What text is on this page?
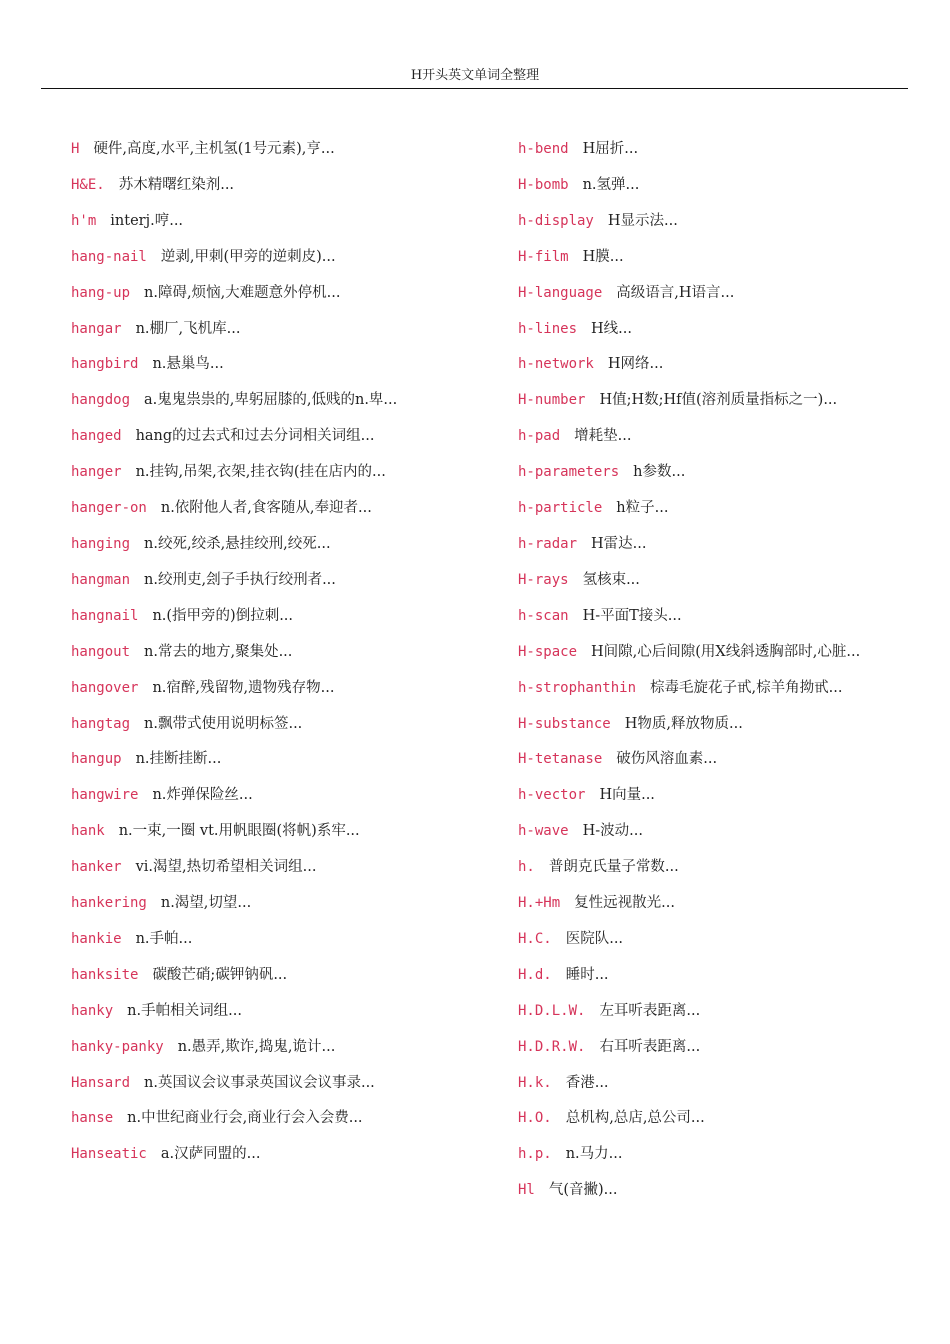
H开头英文单词全整理
H 硬件,高度,水平,主机氢(1号元素),亨...
H&E. 苏木精曙红染剂...
h'm interj.哼...
hang-nail 逆剥,甲刺(甲旁的逆刺皮)...
hang-up n.障碍,烦恼,大难题意外停机...
hangar n.棚厂,飞机库...
hangbird n.悬巢鸟...
hangdog a.鬼鬼祟祟的,卑躬屈膝的,低贱的n.卑...
hanged hang的过去式和过去分词相关词组...
hanger n.挂钩,吊架,衣架,挂衣钩(挂在店内的...
hanger-on n.依附他人者,食客随从,奉迎者...
hanging n.绞死,绞杀,悬挂绞刑,绞死...
hangman n.绞刑吏,刽子手执行绞刑者...
hangnail n.(指甲旁的)倒拉刺...
hangout n.常去的地方,聚集处...
hangover n.宿醉,残留物,遗物残存物...
hangtag n.飘带式使用说明标签...
hangup n.挂断挂断...
hangwire n.炸弹保险丝...
hank n.一束,一圈 vt.用帆眼圈(将帆)系牢...
hanker vi.渴望,热切希望相关词组...
hankering n.渴望,切望...
hankie n.手帕...
hanksite 碳酸芒硝;碳钾钠矾...
hanky n.手帕相关词组...
hanky-panky n.愚弄,欺诈,捣鬼,诡计...
Hansard n.英国议会议事录英国议会议事录...
hanse n.中世纪商业行会,商业行会入会费...
Hanseatic a.汉萨同盟的...
h-bend H屈折...
H-bomb n.氢弹...
h-display H显示法...
H-film H膜...
H-language 高级语言,H语言...
h-lines H线...
h-network H网络...
H-number H值;H数;Hf值(溶剂质量指标之一)...
h-pad 增耗垫...
h-parameters h参数...
h-particle h粒子...
h-radar H雷达...
H-rays 氢核束...
h-scan H-平面T接头...
H-space H间隙,心后间隙(用X线斜透胸部时,心脏...
h-strophanthin 棕毒毛旋花子甙,棕羊角拗甙...
H-substance H物质,释放物质...
H-tetanase 破伤风溶血素...
h-vector H向量...
h-wave H-波动...
h. 普朗克氏量子常数...
H.+Hm 复性远视散光...
H.C. 医院队...
H.d. 睡时...
H.D.L.W. 左耳听表距离...
H.D.R.W. 右耳听表距离...
H.k. 香港...
H.O. 总机构,总店,总公司...
h.p. n.马力...
Hl 气(音撇)...
